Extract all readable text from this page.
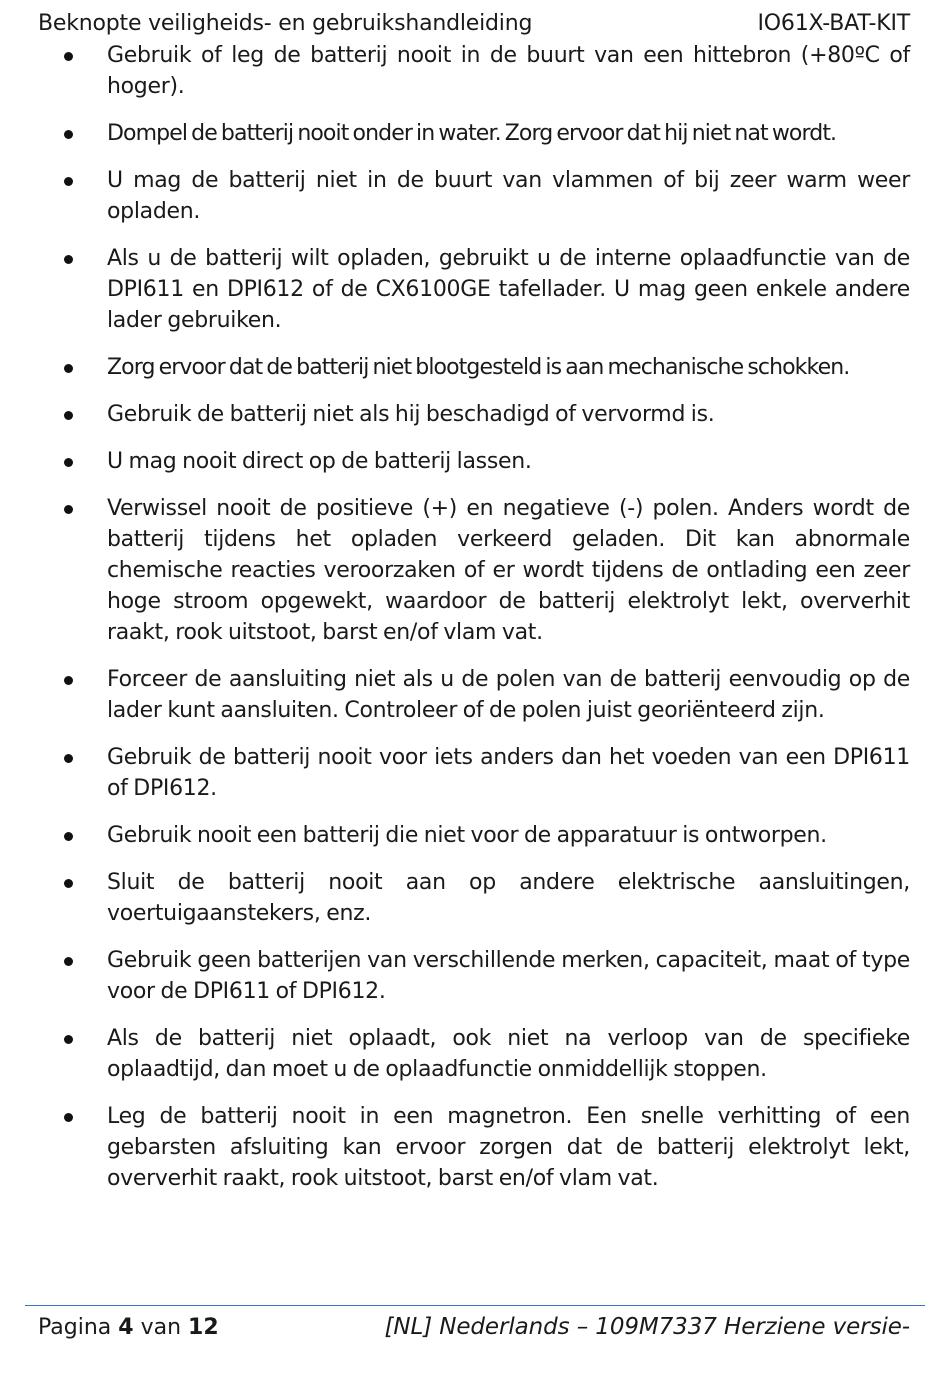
Beknopte veiligheids- en gebruikshandleiding	IO61X-BAT-KIT
Gebruik of leg de batterij nooit in de buurt van een hittebron (+80ºC of hoger).
Dompel de batterij nooit onder in water. Zorg ervoor dat hij niet nat wordt.
U mag de batterij niet in de buurt van vlammen of bij zeer warm weer opladen.
Als u de batterij wilt opladen, gebruikt u de interne oplaadfunctie van de DPI611 en DPI612 of de CX6100GE tafellader. U mag geen enkele andere lader gebruiken.
Zorg ervoor dat de batterij niet blootgesteld is aan mechanische schokken.
Gebruik de batterij niet als hij beschadigd of vervormd is.
U mag nooit direct op de batterij lassen.
Verwissel nooit de positieve (+) en negatieve (-) polen. Anders wordt de batterij tijdens het opladen verkeerd geladen. Dit kan abnormale chemische reacties veroorzaken of er wordt tijdens de ontlading een zeer hoge stroom opgewekt, waardoor de batterij elektrolyt lekt, oververhit raakt, rook uitstoot, barst en/of vlam vat.
Forceer de aansluiting niet als u de polen van de batterij eenvoudig op de lader kunt aansluiten. Controleer of de polen juist georiënteerd zijn.
Gebruik de batterij nooit voor iets anders dan het voeden van een DPI611 of DPI612.
Gebruik nooit een batterij die niet voor de apparatuur is ontworpen.
Sluit de batterij nooit aan op andere elektrische aansluitingen, voertuigaanstekers, enz.
Gebruik geen batterijen van verschillende merken, capaciteit, maat of type voor de DPI611 of DPI612.
Als de batterij niet oplaadt, ook niet na verloop van de specifieke oplaadtijd, dan moet u de oplaadfunctie onmiddellijk stoppen.
Leg de batterij nooit in een magnetron. Een snelle verhitting of een gebarsten afsluiting kan ervoor zorgen dat de batterij elektrolyt lekt, oververhit raakt, rook uitstoot, barst en/of vlam vat.
Pagina 4 van 12	[NL] Nederlands – 109M7337 Herziene versie-
